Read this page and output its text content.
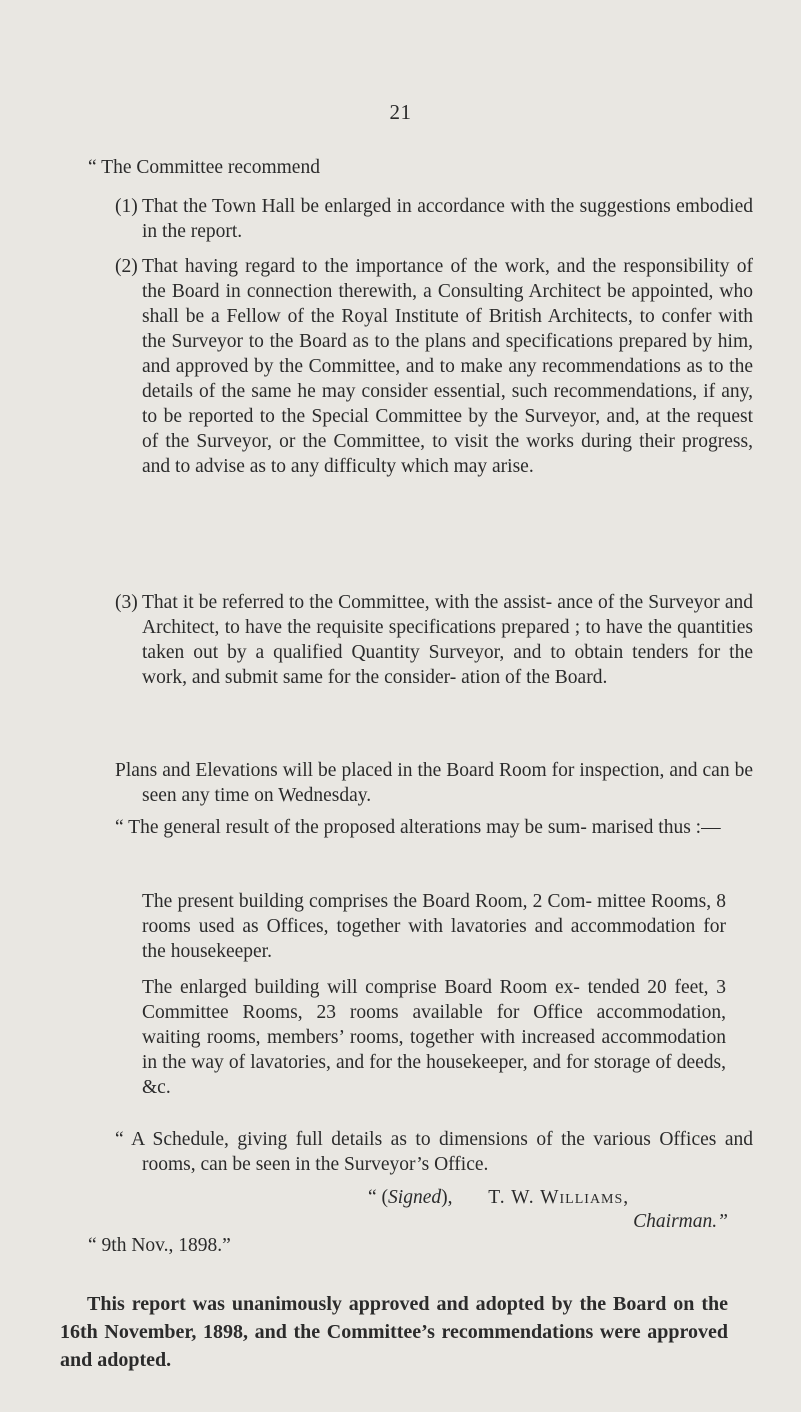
21

“ The Committee recommend

(1) That the Town Hall be enlarged in accordance with the suggestions embodied in the report.

(2) That having regard to the importance of the work, and the responsibility of the Board in connection therewith, a Consulting Architect be appointed, who shall be a Fellow of the Royal Institute of British Architects, to confer with the Surveyor to the Board as to the plans and specifications prepared by him, and approved by the Committee, and to make any recommendations as to the details of the same he may consider essential, such recommendations, if any, to be reported to the Special Committee by the Surveyor, and, at the request of the Surveyor, or the Committee, to visit the works during their progress, and to advise as to any difficulty which may arise.

(3) That it be referred to the Committee, with the assist- ance of the Surveyor and Architect, to have the requisite specifications prepared ; to have the quantities taken out by a qualified Quantity Surveyor, and to obtain tenders for the work, and submit same for the consider- ation of the Board.

Plans and Elevations will be placed in the Board Room for inspection, and can be seen any time on Wednesday.

“ The general result of the proposed alterations may be sum- marised thus :—

The present building comprises the Board Room, 2 Com- mittee Rooms, 8 rooms used as Offices, together with lavatories and accommodation for the housekeeper.

The enlarged building will comprise Board Room ex- tended 20 feet, 3 Committee Rooms, 23 rooms available for Office accommodation, waiting rooms, members’ rooms, together with increased accommodation in the way of lavatories, and for the housekeeper, and for storage of deeds, &c.

“ A Schedule, giving full details as to dimensions of the various Offices and rooms, can be seen in the Surveyor’s Office.

“ (Signed), T. W. Williams,
Chairman.”
“ 9th Nov., 1898.”

This report was unanimously approved and adopted by the Board on the 16th November, 1898, and the Committee’s recommendations were approved and adopted.
